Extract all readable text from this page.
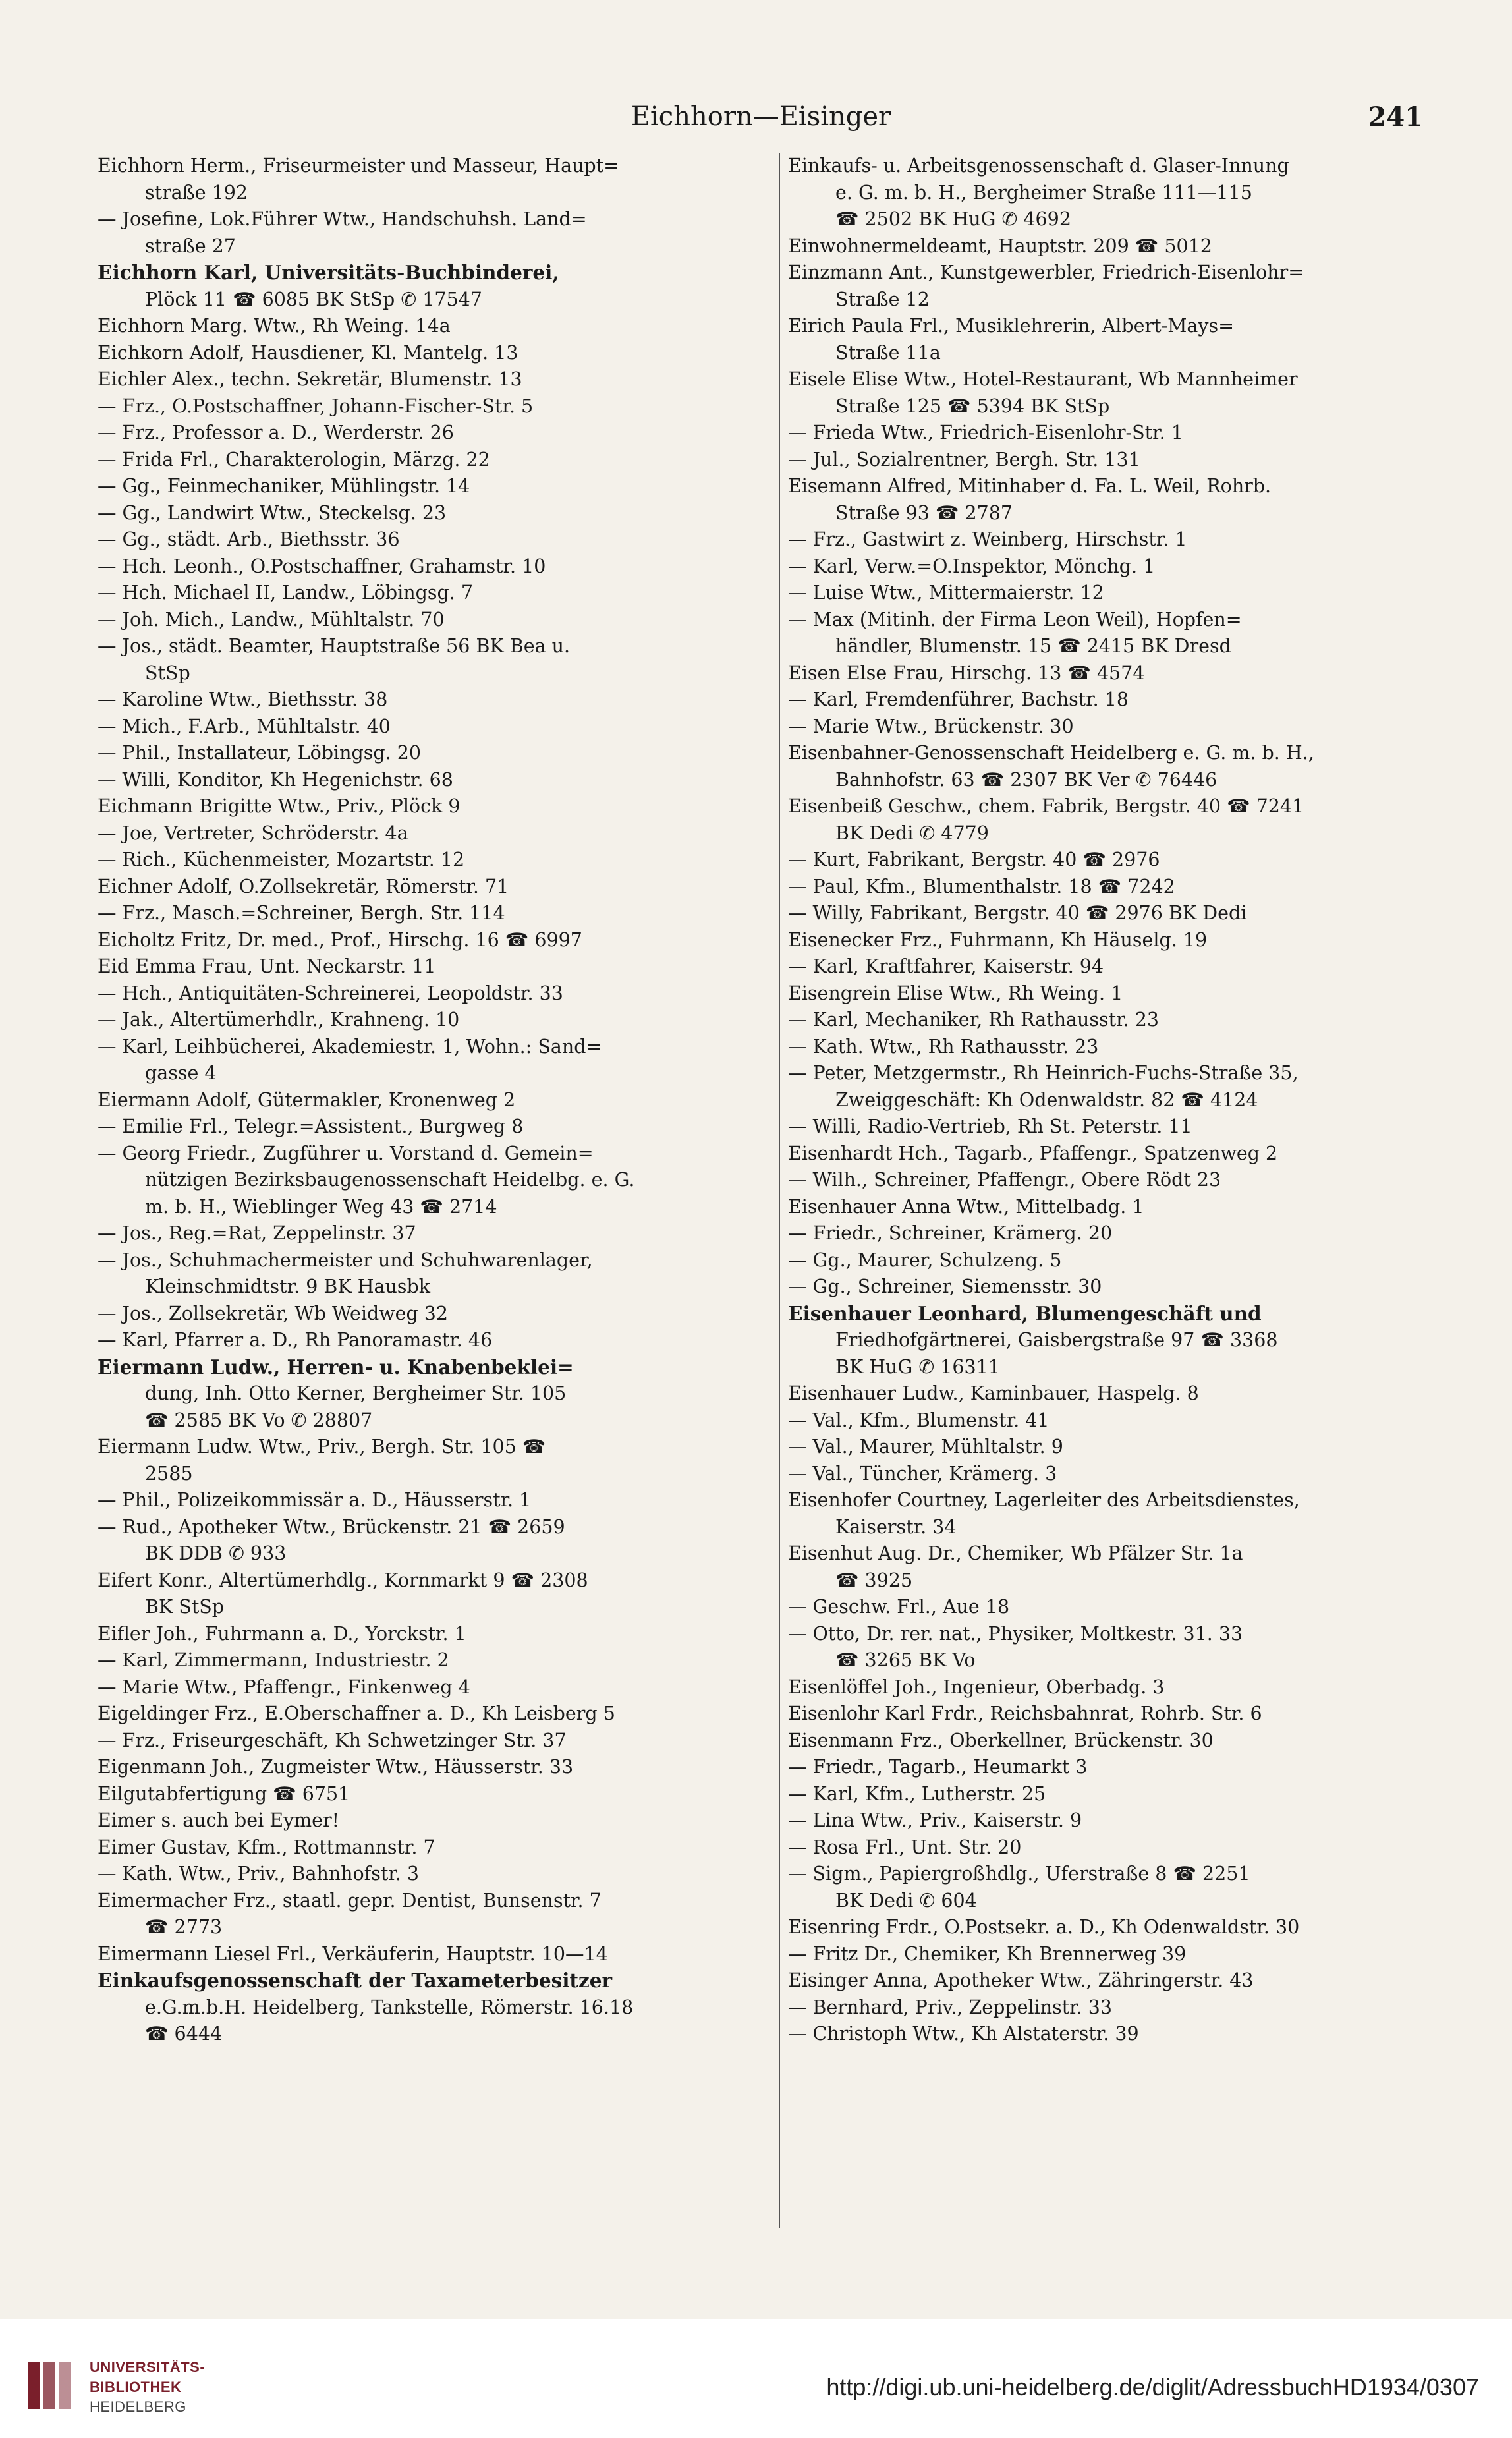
Eichhorn—Eisinger	241
Eichhorn Herm., Friseurmeister und Masseur, Haupt=
straße 192
— Josefine, Lok.Führer Wtw., Handschuhsh. Land=
straße 27
Eichhorn Karl, Universitäts-Buchbinderei,
Plöck 11 ☎ 6085 BK StSp ✆ 17547
Eichhorn Marg. Wtw., Rh Weing. 14a
Eichkorn Adolf, Hausdiener, Kl. Mantelg. 13
Eichler Alex., techn. Sekretär, Blumenstr. 13
— Frz., O.Postschaffner, Johann-Fischer-Str. 5
— Frz., Professor a. D., Werderstr. 26
— Frida Frl., Charakterologin, Märzg. 22
— Gg., Feinmechaniker, Mühlingstr. 14
— Gg., Landwirt Wtw., Steckelsg. 23
— Gg., städt. Arb., Biethsstr. 36
— Hch. Leonh., O.Postschaffner, Grahamstr. 10
— Hch. Michael II, Landw., Löbingsg. 7
— Joh. Mich., Landw., Mühltalstr. 70
— Jos., städt. Beamter, Hauptstraße 56 BK Bea u.
StSp
— Karoline Wtw., Biethsstr. 38
— Mich., F.Arb., Mühltalstr. 40
— Phil., Installateur, Löbingsg. 20
— Willi, Konditor, Kh Hegenichstr. 68
Eichmann Brigitte Wtw., Priv., Plöck 9
— Joe, Vertreter, Schröderstr. 4a
— Rich., Küchenmeister, Mozartstr. 12
Eichner Adolf, O.Zollsekretär, Römerstr. 71
— Frz., Masch.=Schreiner, Bergh. Str. 114
Eicholtz Fritz, Dr. med., Prof., Hirschg. 16 ☎ 6997
Eid Emma Frau, Unt. Neckarstr. 11
— Hch., Antiquitäten-Schreinerei, Leopoldstr. 33
— Jak., Altertümerhdlr., Krahneng. 10
— Karl, Leihbücherei, Akademiestr. 1, Wohn.: Sand=
gasse 4
Eiermann Adolf, Gütermakler, Kronenweg 2
— Emilie Frl., Telegr.=Assistent., Burgweg 8
— Georg Friedr., Zugführer u. Vorstand d. Gemein=
nützigen Bezirksbaugenossenschaft Heidelbg. e. G.
m. b. H., Wieblinger Weg 43 ☎ 2714
— Jos., Reg.=Rat, Zeppelinstr. 37
— Jos., Schuhmachermeister und Schuhwarenlager,
Kleinschmidtstr. 9 BK Hausbk
— Jos., Zollsekretär, Wb Weidweg 32
— Karl, Pfarrer a. D., Rh Panoramastr. 46
Eiermann Ludw., Herren- u. Knabenbeklei=
dung, Inh. Otto Kerner, Bergheimer Str. 105
☎ 2585 BK Vo ✆ 28807
Eiermann Ludw. Wtw., Priv., Bergh. Str. 105 ☎
2585
— Phil., Polizeikommissär a. D., Häusserstr. 1
— Rud., Apotheker Wtw., Brückenstr. 21 ☎ 2659
BK DDB ✆ 933
Eifert Konr., Altertümerhdlg., Kornmarkt 9 ☎ 2308
BK StSp
Eifler Joh., Fuhrmann a. D., Yorckstr. 1
— Karl, Zimmermann, Industriestr. 2
— Marie Wtw., Pfaffengr., Finkenweg 4
Eigeldinger Frz., E.Oberschaffner a. D., Kh Leisberg 5
— Frz., Friseurgeschäft, Kh Schwetzinger Str. 37
Eigenmann Joh., Zugmeister Wtw., Häusserstr. 33
Eilgutabfertigung ☎ 6751
Eimer s. auch bei Eymer!
Eimer Gustav, Kfm., Rottmannstr. 7
— Kath. Wtw., Priv., Bahnhofstr. 3
Eimermacher Frz., staatl. gepr. Dentist, Bunsenstr. 7
☎ 2773
Eimermann Liesel Frl., Verkäuferin, Hauptstr. 10—14
Einkaufsgenossenschaft der Taxameterbesitzer
e.G.m.b.H. Heidelberg, Tankstelle, Römerstr. 16.18
☎ 6444
Einkaufs- u. Arbeitsgenossenschaft d. Glaser-Innung
e. G. m. b. H., Bergheimer Straße 111—115
☎ 2502 BK HuG ✆ 4692
Einwohnermeldeamt, Hauptstr. 209 ☎ 5012
Einzmann Ant., Kunstgewerbler, Friedrich-Eisenlohr=
Straße 12
Eirich Paula Frl., Musiklehrerin, Albert-Mays=
Straße 11a
Eisele Elise Wtw., Hotel-Restaurant, Wb Mannheimer
Straße 125 ☎ 5394 BK StSp
— Frieda Wtw., Friedrich-Eisenlohr-Str. 1
— Jul., Sozialrentner, Bergh. Str. 131
Eisemann Alfred, Mitinhaber d. Fa. L. Weil, Rohrb.
Straße 93 ☎ 2787
— Frz., Gastwirt z. Weinberg, Hirschstr. 1
— Karl, Verw.=O.Inspektor, Mönchg. 1
— Luise Wtw., Mittermaierstr. 12
— Max (Mitinh. der Firma Leon Weil), Hopfen=
händler, Blumenstr. 15 ☎ 2415 BK Dresd
Eisen Else Frau, Hirschg. 13 ☎ 4574
— Karl, Fremdenführer, Bachstr. 18
— Marie Wtw., Brückenstr. 30
Eisenbahner-Genossenschaft Heidelberg e. G. m. b. H.,
Bahnhofstr. 63 ☎ 2307 BK Ver ✆ 76446
Eisenbeiß Geschw., chem. Fabrik, Bergstr. 40 ☎ 7241
BK Dedi ✆ 4779
— Kurt, Fabrikant, Bergstr. 40 ☎ 2976
— Paul, Kfm., Blumenthalstr. 18 ☎ 7242
— Willy, Fabrikant, Bergstr. 40 ☎ 2976 BK Dedi
Eisenecker Frz., Fuhrmann, Kh Häuselg. 19
— Karl, Kraftfahrer, Kaiserstr. 94
Eisengrein Elise Wtw., Rh Weing. 1
— Karl, Mechaniker, Rh Rathausstr. 23
— Kath. Wtw., Rh Rathausstr. 23
— Peter, Metzgermstr., Rh Heinrich-Fuchs-Straße 35,
Zweiggeschäft: Kh Odenwaldstr. 82 ☎ 4124
— Willi, Radio-Vertrieb, Rh St. Peterstr. 11
Eisenhardt Hch., Tagarb., Pfaffengr., Spatzenweg 2
— Wilh., Schreiner, Pfaffengr., Obere Rödt 23
Eisenhauer Anna Wtw., Mittelbadg. 1
— Friedr., Schreiner, Krämerg. 20
— Gg., Maurer, Schulzeng. 5
— Gg., Schreiner, Siemensstr. 30
Eisenhauer Leonhard, Blumengeschäft und
Friedhofgärtnerei, Gaisbergstraße 97 ☎ 3368
BK HuG ✆ 16311
Eisenhauer Ludw., Kaminbauer, Haspelg. 8
— Val., Kfm., Blumenstr. 41
— Val., Maurer, Mühltalstr. 9
— Val., Tüncher, Krämerg. 3
Eisenhofer Courtney, Lagerleiter des Arbeitsdienstes,
Kaiserstr. 34
Eisenhut Aug. Dr., Chemiker, Wb Pfälzer Str. 1a
☎ 3925
— Geschw. Frl., Aue 18
— Otto, Dr. rer. nat., Physiker, Moltkestr. 31. 33
☎ 3265 BK Vo
Eisenlöffel Joh., Ingenieur, Oberbadg. 3
Eisenlohr Karl Frdr., Reichsbahnrat, Rohrb. Str. 6
Eisenmann Frz., Oberkellner, Brückenstr. 30
— Friedr., Tagarb., Heumarkt 3
— Karl, Kfm., Lutherstr. 25
— Lina Wtw., Priv., Kaiserstr. 9
— Rosa Frl., Unt. Str. 20
— Sigm., Papiergroßhdlg., Uferstraße 8 ☎ 2251
BK Dedi ✆ 604
Eisenring Frdr., O.Postsekr. a. D., Kh Odenwaldstr. 30
— Fritz Dr., Chemiker, Kh Brennerweg 39
Eisinger Anna, Apotheker Wtw., Zähringerstr. 43
— Bernhard, Priv., Zeppelinstr. 33
— Christoph Wtw., Kh Alstaterstr. 39
UNIVERSITÄTS-
BIBLIOTHEK
HEIDELBERG
http://digi.ub.uni-heidelberg.de/diglit/AdressbuchHD1934/0307
